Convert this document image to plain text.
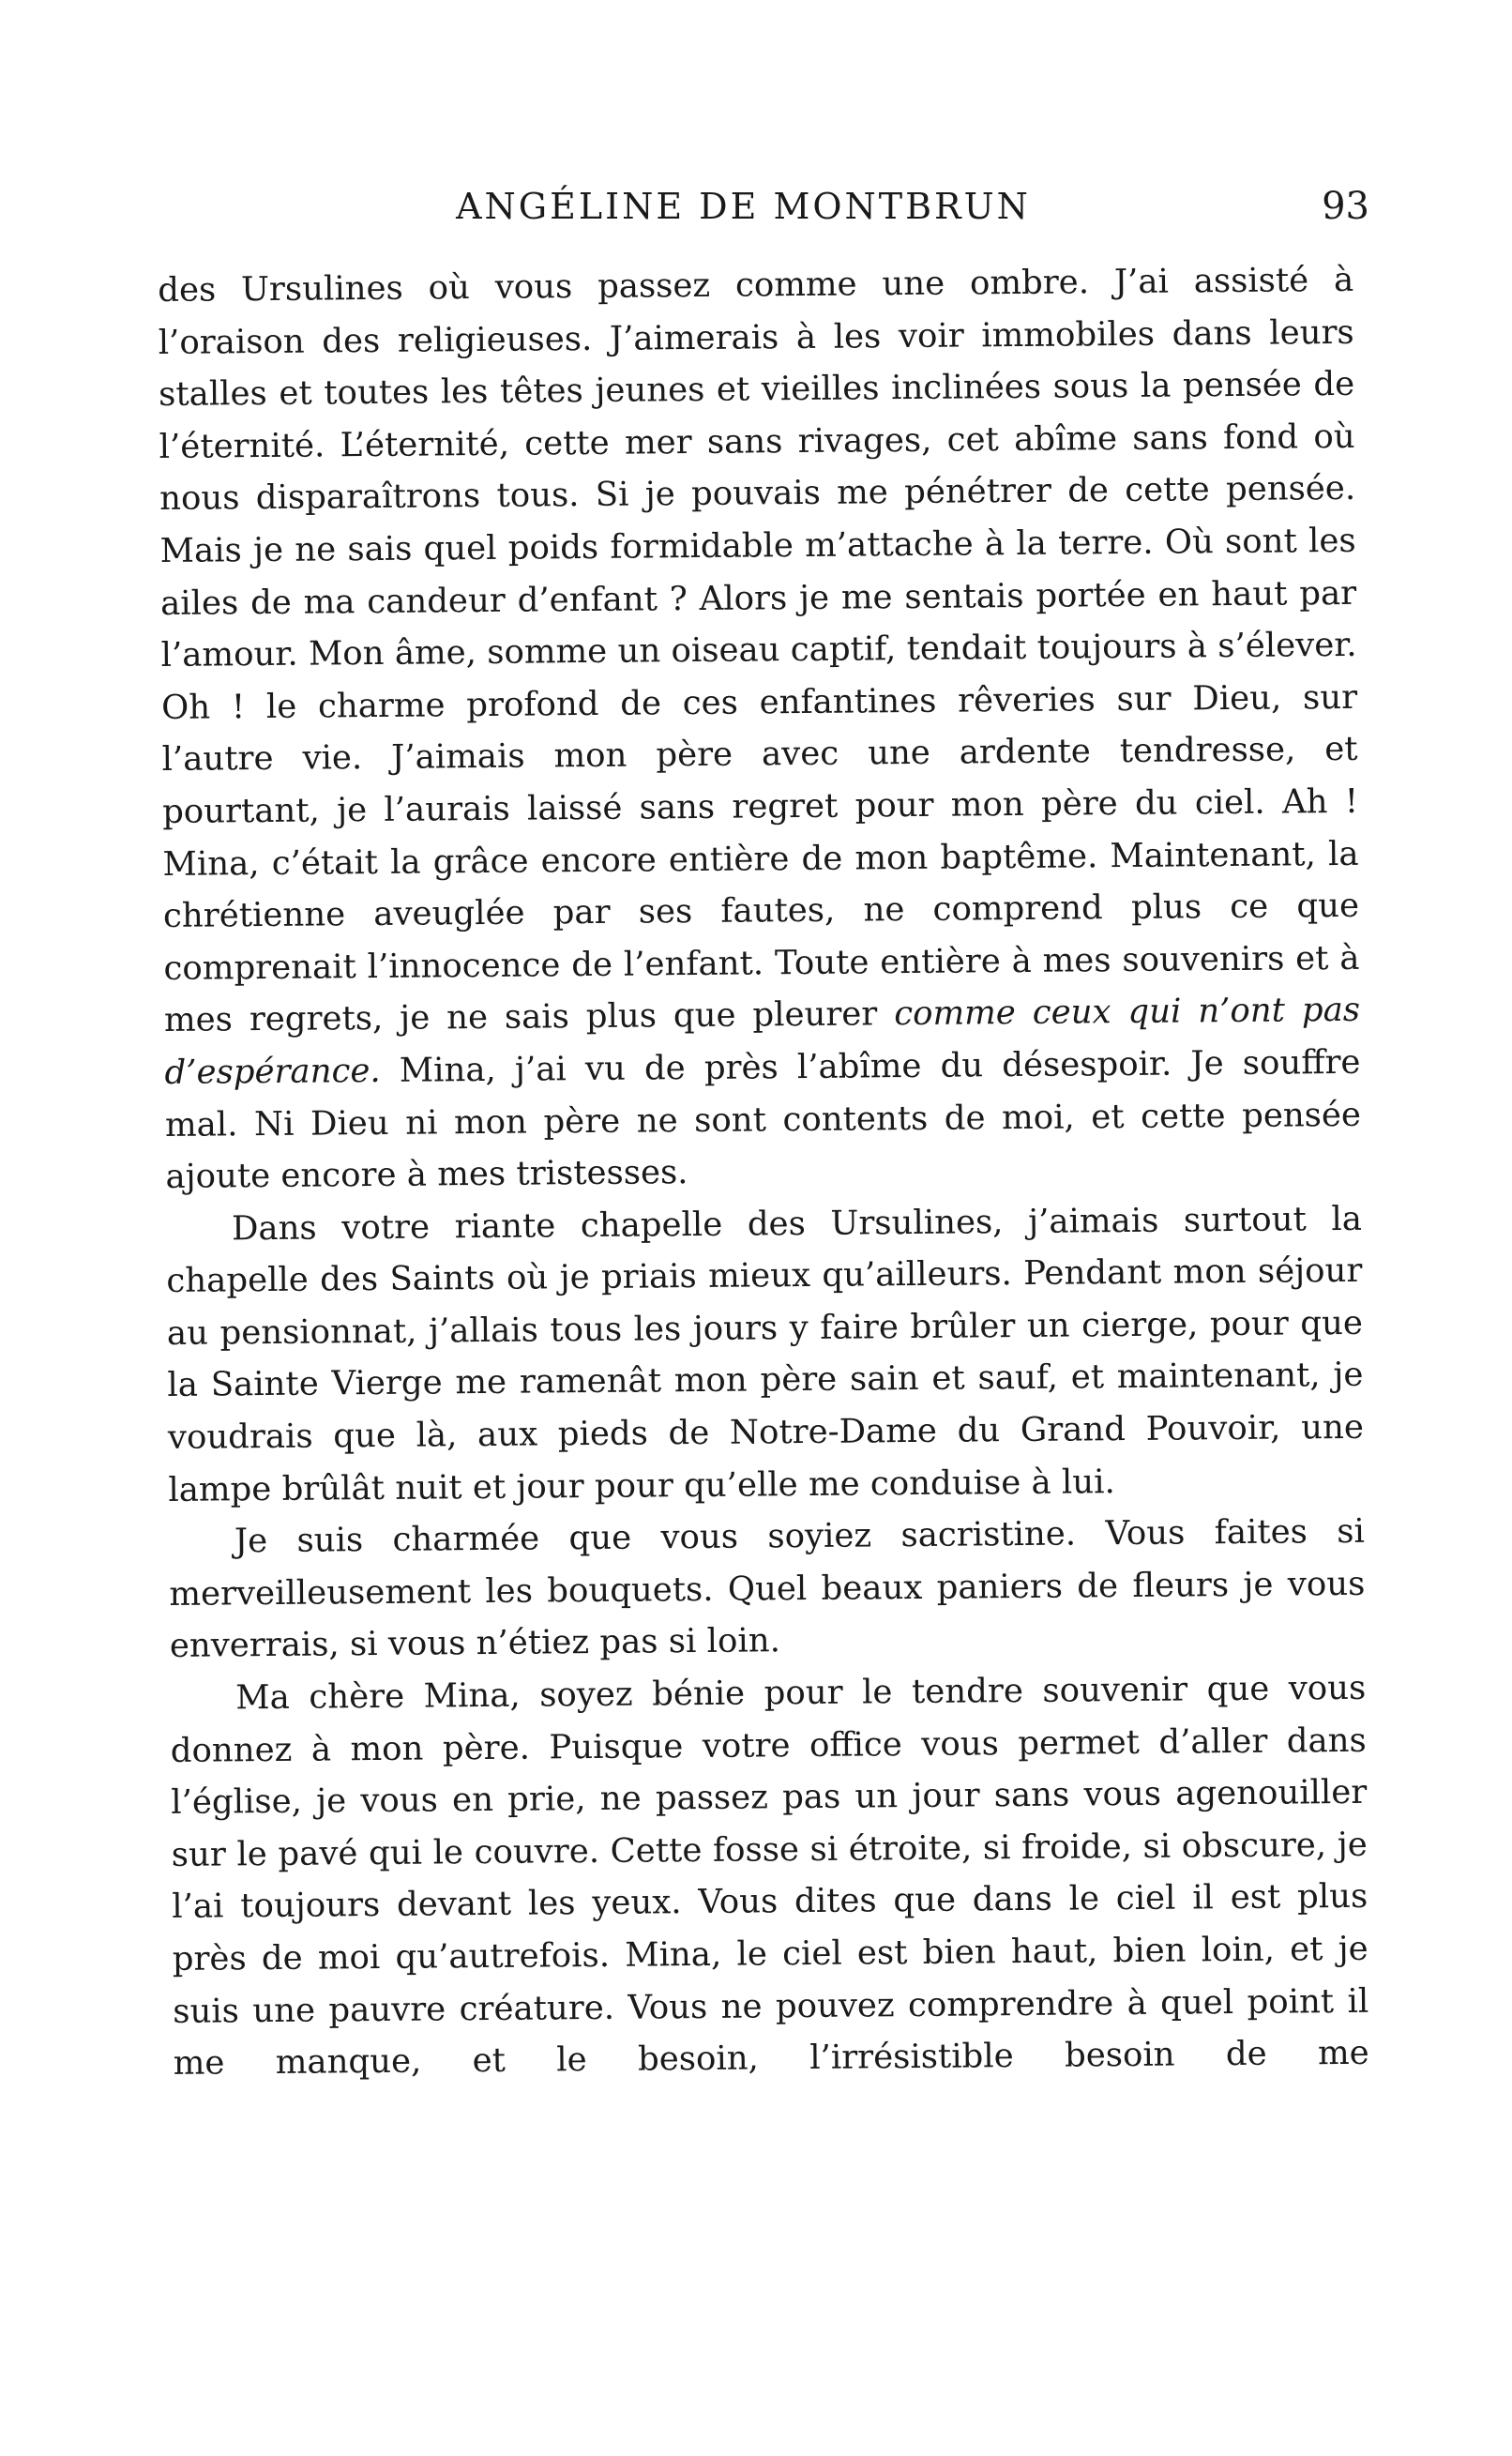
ANGÉLINE DE MONTBRUN	93

des Ursulines où vous passez comme une ombre. J’ai assisté à l’oraison des religieuses. J’aimerais à les voir immobiles dans leurs stalles et toutes les têtes jeunes et vieilles inclinées sous la pensée de l’éternité. L’éternité, cette mer sans rivages, cet abîme sans fond où nous disparaîtrons tous. Si je pouvais me pénétrer de cette pensée. Mais je ne sais quel poids formidable m’attache à la terre. Où sont les ailes de ma candeur d’enfant ? Alors je me sentais portée en haut par l’amour. Mon âme, somme un oiseau captif, tendait toujours à s’élever. Oh ! le charme profond de ces enfantines rêveries sur Dieu, sur l’autre vie. J’aimais mon père avec une ardente tendresse, et pourtant, je l’aurais laissé sans regret pour mon père du ciel. Ah ! Mina, c’était la grâce encore entière de mon baptême. Maintenant, la chrétienne aveuglée par ses fautes, ne comprend plus ce que comprenait l’innocence de l’enfant. Toute entière à mes souvenirs et à mes regrets, je ne sais plus que pleurer comme ceux qui n’ont pas d’espérance. Mina, j’ai vu de près l’abîme du désespoir. Je souffre mal. Ni Dieu ni mon père ne sont contents de moi, et cette pensée ajoute encore à mes tristesses.

Dans votre riante chapelle des Ursulines, j’aimais surtout la chapelle des Saints où je priais mieux qu’ailleurs. Pendant mon séjour au pensionnat, j’allais tous les jours y faire brûler un cierge, pour que la Sainte Vierge me ramenât mon père sain et sauf, et maintenant, je voudrais que là, aux pieds de Notre-Dame du Grand Pouvoir, une lampe brûlât nuit et jour pour qu’elle me conduise à lui.

Je suis charmée que vous soyiez sacristine. Vous faites si merveilleusement les bouquets. Quel beaux paniers de fleurs je vous enverrais, si vous n’étiez pas si loin.

Ma chère Mina, soyez bénie pour le tendre souvenir que vous donnez à mon père. Puisque votre office vous permet d’aller dans l’église, je vous en prie, ne passez pas un jour sans vous agenouiller sur le pavé qui le couvre. Cette fosse si étroite, si froide, si obscure, je l’ai toujours devant les yeux. Vous dites que dans le ciel il est plus près de moi qu’autrefois. Mina, le ciel est bien haut, bien loin, et je suis une pauvre créature. Vous ne pouvez comprendre à quel point il me manque, et le besoin, l’irrésistible besoin de me
